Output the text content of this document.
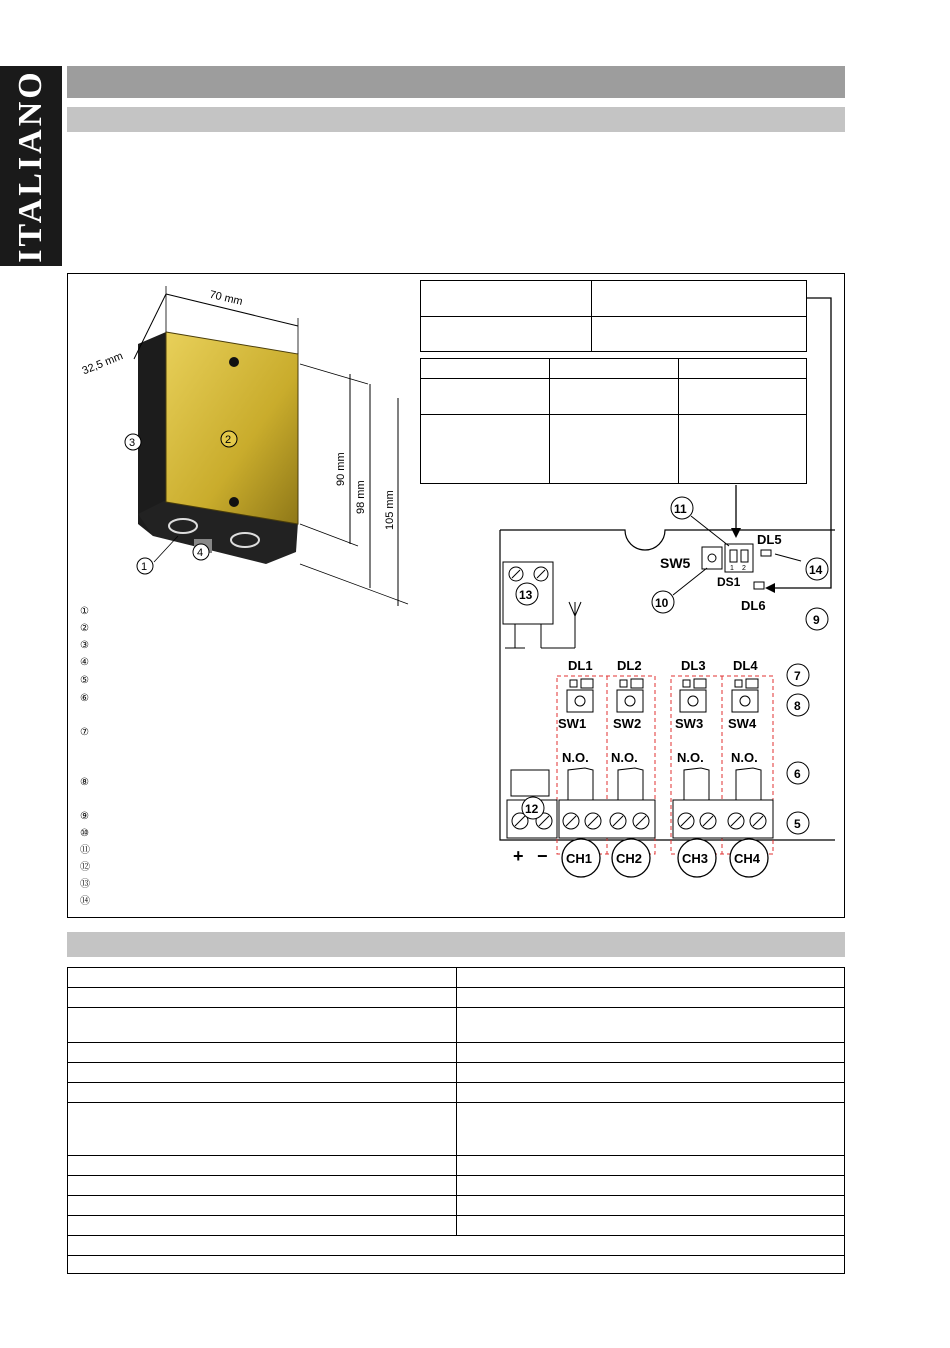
ITALIANO
70 mm
32,5 mm
90 mm
98 mm 105 mm
1
2
3
4
①
②
③
④
⑤
⑥
⑦
⑧
⑨
⑩
⑪
⑫
⑬
⑭

13
SW5	1 2
DS1
DL5
DL6
11
10
14
9
DL1
SW1
N.O.
DL2
SW2
N.O.
DL3
SW3
N.O.
DL4
SW4
N.O.
+ −
12
CH1 CH2	CH3 CH4
7
8
6
5
